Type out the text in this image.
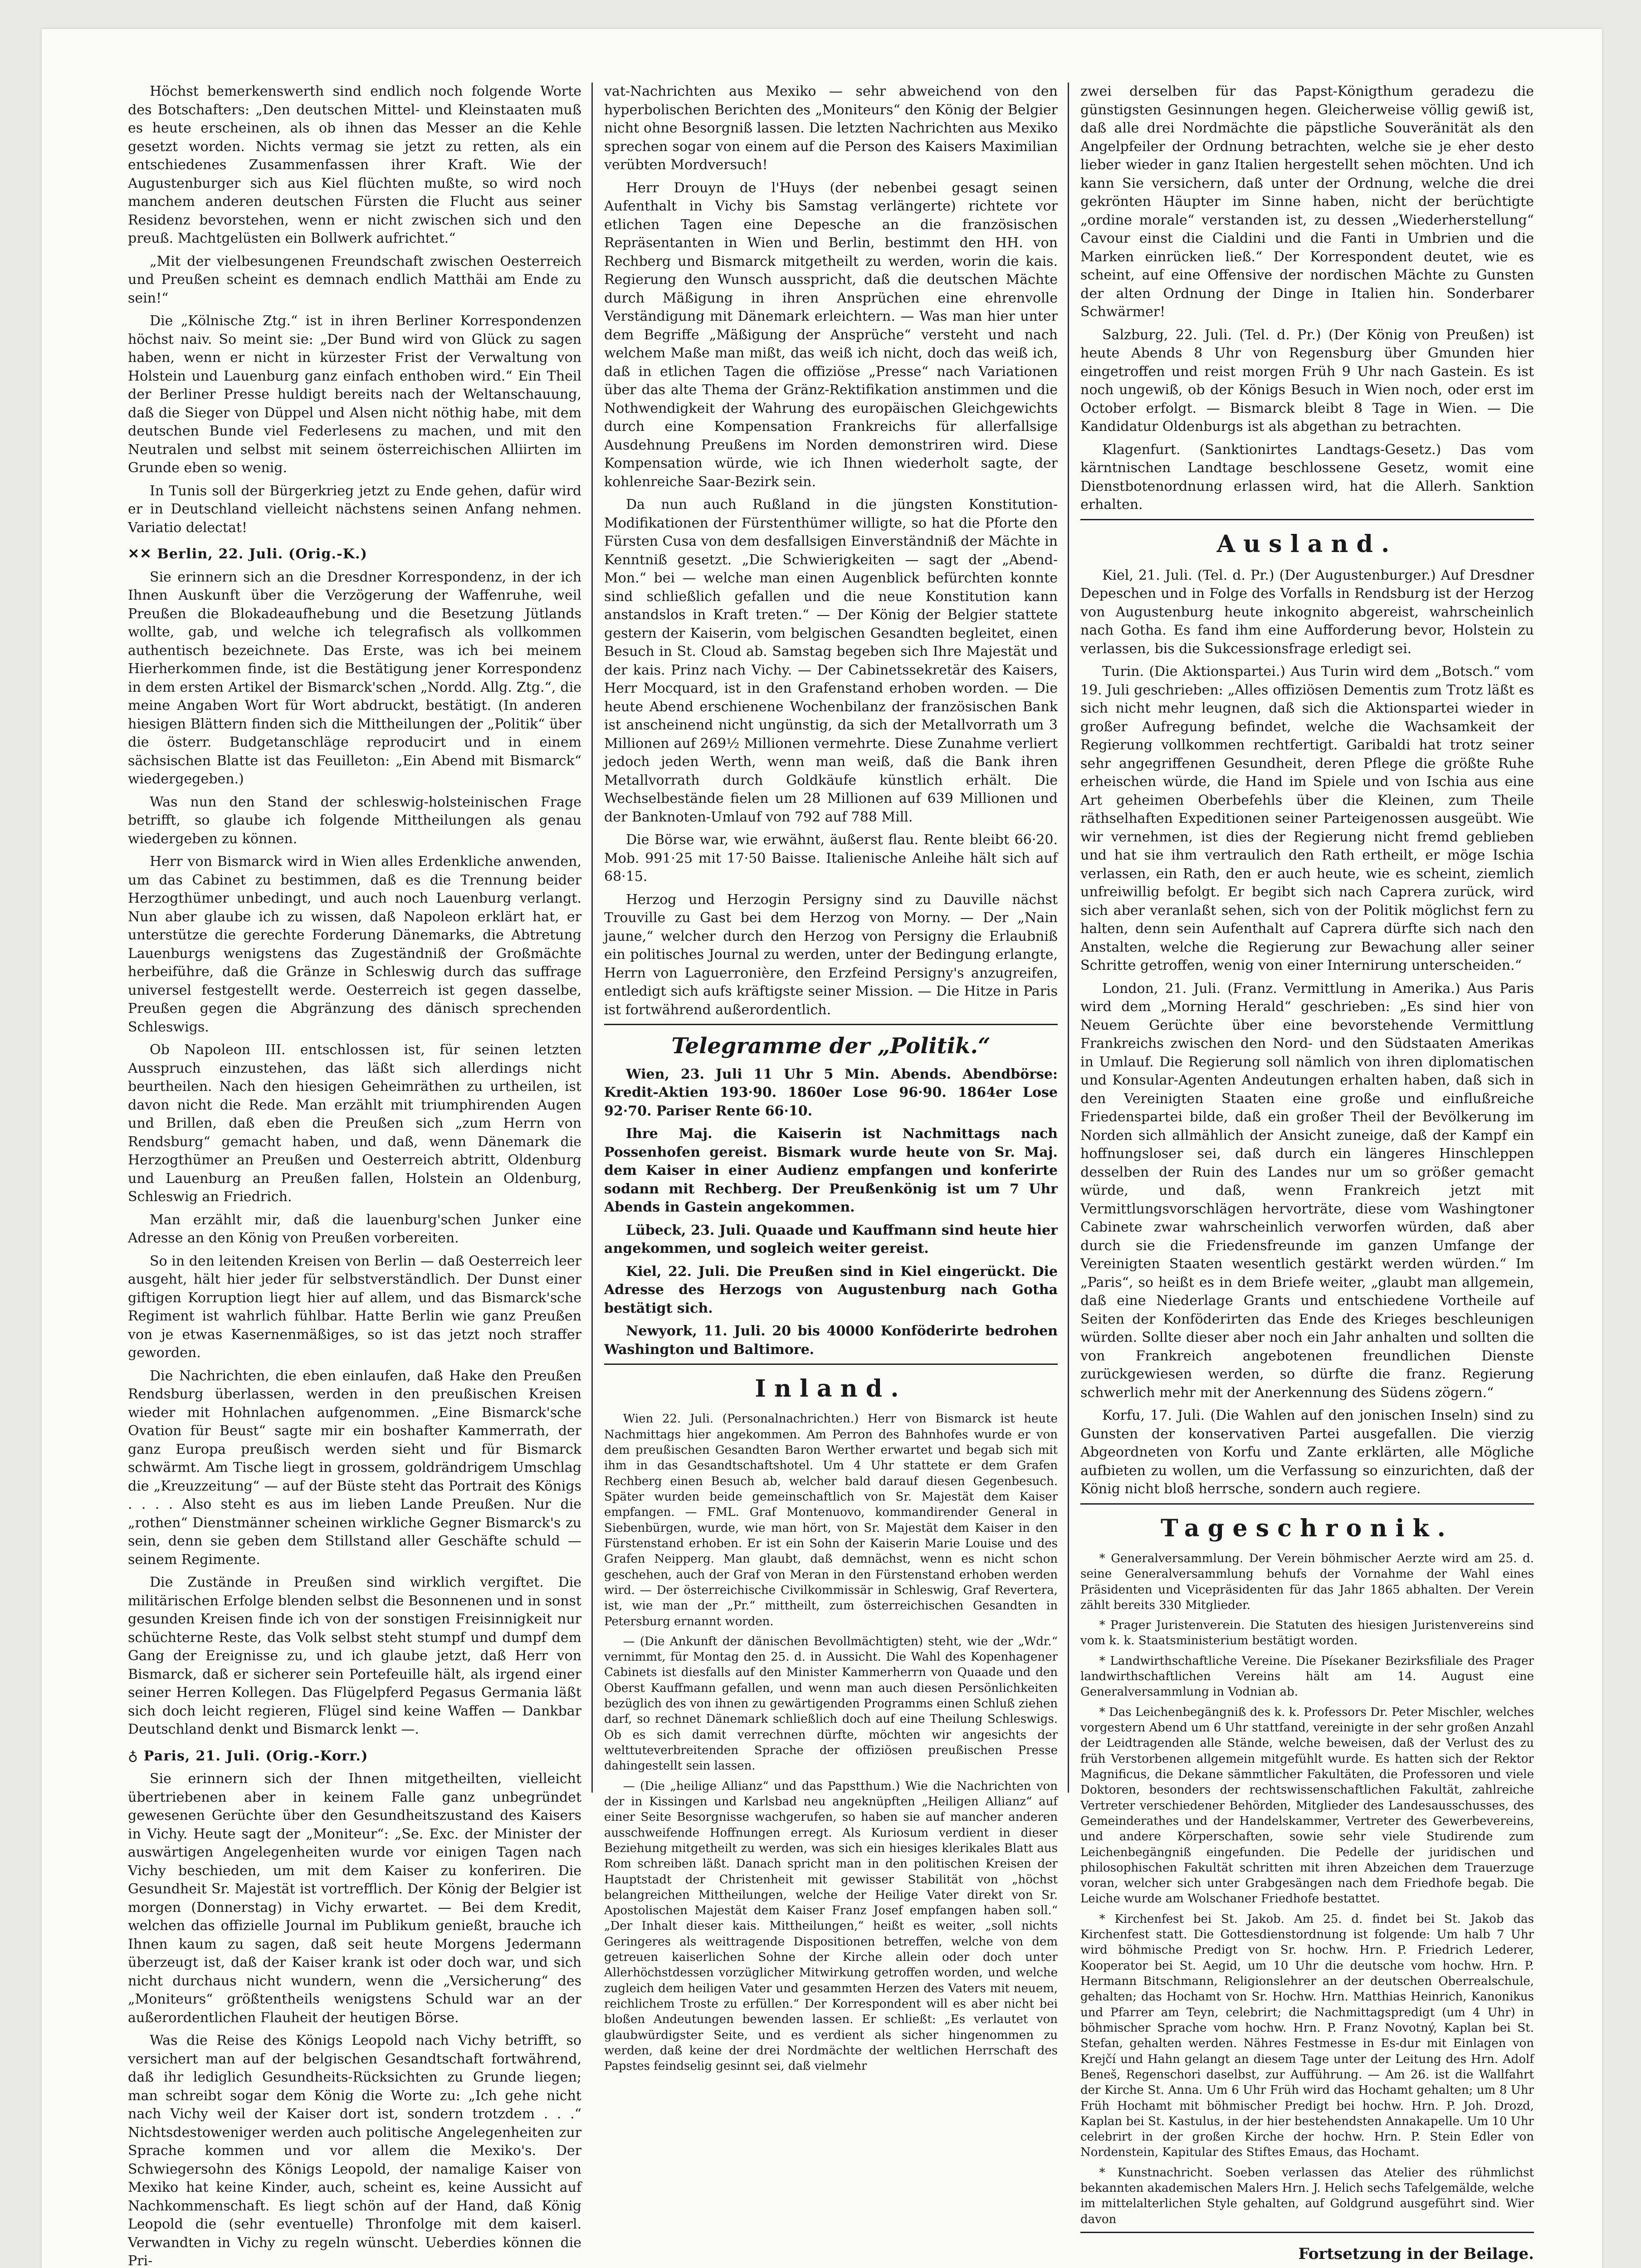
Höchst bemerkenswerth sind endlich noch folgende Worte des Botschafters: „Den deutschen Mittel- und Kleinstaaten muß es heute erscheinen, als ob ihnen das Messer an die Kehle gesetzt worden. Nichts vermag sie jetzt zu retten, als ein entschiedenes Zusammenfassen ihrer Kraft. Wie der Augustenburger sich aus Kiel flüchten mußte, so wird noch manchem anderen deutschen Fürsten die Flucht aus seiner Residenz bevorstehen, wenn er nicht zwischen sich und den preuß. Machtgelüsten ein Bollwerk aufrichtet.“

„Mit der vielbesungenen Freundschaft zwischen Oesterreich und Preußen scheint es demnach endlich Matthäi am Ende zu sein!“

Die „Kölnische Ztg.“ ist in ihren Berliner Korrespondenzen höchst naiv. So meint sie: „Der Bund wird von Glück zu sagen haben, wenn er nicht in kürzester Frist der Verwaltung von Holstein und Lauenburg ganz einfach enthoben wird.“ Ein Theil der Berliner Presse huldigt bereits nach der Weltanschauung, daß die Sieger von Düppel und Alsen nicht nöthig habe, mit dem deutschen Bunde viel Federlesens zu machen, und mit den Neutralen und selbst mit seinem österreichischen Alliirten im Grunde eben so wenig.

In Tunis soll der Bürgerkrieg jetzt zu Ende gehen, dafür wird er in Deutschland vielleicht nächstens seinen Anfang nehmen. Variatio delectat!

✕✕ Berlin, 22. Juli. (Orig.-K.)

Sie erinnern sich an die Dresdner Korrespondenz, in der ich Ihnen Auskunft über die Verzögerung der Waffenruhe, weil Preußen die Blokadeaufhebung und die Besetzung Jütlands wollte, gab, und welche ich telegrafisch als vollkommen authentisch bezeichnete. Das Erste, was ich bei meinem Hierherkommen finde, ist die Bestätigung jener Korrespondenz in dem ersten Artikel der Bismarck'schen „Nordd. Allg. Ztg.“, die meine Angaben Wort für Wort abdruckt, bestätigt. (In anderen hiesigen Blättern finden sich die Mittheilungen der „Politik“ über die österr. Budgetanschläge reproducirt und in einem sächsischen Blatte ist das Feuilleton: „Ein Abend mit Bismarck“ wiedergegeben.)

Was nun den Stand der schleswig-holsteinischen Frage betrifft, so glaube ich folgende Mittheilungen als genau wiedergeben zu können.

Herr von Bismarck wird in Wien alles Erdenkliche anwenden, um das Cabinet zu bestimmen, daß es die Trennung beider Herzogthümer unbedingt, und auch noch Lauenburg verlangt. Nun aber glaube ich zu wissen, daß Napoleon erklärt hat, er unterstütze die gerechte Forderung Dänemarks, die Abtretung Lauenburgs wenigstens das Zugeständniß der Großmächte herbeiführe, daß die Gränze in Schleswig durch das suffrage universel festgestellt werde. Oesterreich ist gegen dasselbe, Preußen gegen die Abgränzung des dänisch sprechenden Schleswigs.

Ob Napoleon III. entschlossen ist, für seinen letzten Ausspruch einzustehen, das läßt sich allerdings nicht beurtheilen. Nach den hiesigen Geheimräthen zu urtheilen, ist davon nicht die Rede. Man erzählt mit triumphirenden Augen und Brillen, daß eben die Preußen sich „zum Herrn von Rendsburg“ gemacht haben, und daß, wenn Dänemark die Herzogthümer an Preußen und Oesterreich abtritt, Oldenburg und Lauenburg an Preußen fallen, Holstein an Oldenburg, Schleswig an Friedrich.

Man erzählt mir, daß die lauenburg'schen Junker eine Adresse an den König von Preußen vorbereiten.

So in den leitenden Kreisen von Berlin — daß Oesterreich leer ausgeht, hält hier jeder für selbstverständlich. Der Dunst einer giftigen Korruption liegt hier auf allem, und das Bismarck'sche Regiment ist wahrlich fühlbar. Hatte Berlin wie ganz Preußen von je etwas Kasernenmäßiges, so ist das jetzt noch straffer geworden.

Die Nachrichten, die eben einlaufen, daß Hake den Preußen Rendsburg überlassen, werden in den preußischen Kreisen wieder mit Hohnlachen aufgenommen. „Eine Bismarck'sche Ovation für Beust“ sagte mir ein boshafter Kammerrath, der ganz Europa preußisch werden sieht und für Bismarck schwärmt. Am Tische liegt in grossem, goldrändrigem Umschlag die „Kreuzzeitung“ — auf der Büste steht das Portrait des Königs . . . . Also steht es aus im lieben Lande Preußen. Nur die „rothen“ Dienstmänner scheinen wirkliche Gegner Bismarck's zu sein, denn sie geben dem Stillstand aller Geschäfte schuld — seinem Regimente.

Die Zustände in Preußen sind wirklich vergiftet. Die militärischen Erfolge blenden selbst die Besonnenen und in sonst gesunden Kreisen finde ich von der sonstigen Freisinnigkeit nur schüchterne Reste, das Volk selbst steht stumpf und dumpf dem Gang der Ereignisse zu, und ich glaube jetzt, daß Herr von Bismarck, daß er sicherer sein Portefeuille hält, als irgend einer seiner Herren Kollegen. Das Flügelpferd Pegasus Germania läßt sich doch leicht regieren, Flügel sind keine Waffen — Dankbar Deutschland denkt und Bismarck lenkt —.

♁ Paris, 21. Juli. (Orig.-Korr.)

Sie erinnern sich der Ihnen mitgetheilten, vielleicht übertriebenen aber in keinem Falle ganz unbegründet gewesenen Gerüchte über den Gesundheitszustand des Kaisers in Vichy. Heute sagt der „Moniteur“: „Se. Exc. der Minister der auswärtigen Angelegenheiten wurde vor einigen Tagen nach Vichy beschieden, um mit dem Kaiser zu konferiren. Die Gesundheit Sr. Majestät ist vortrefflich. Der König der Belgier ist morgen (Donnerstag) in Vichy erwartet. — Bei dem Kredit, welchen das offizielle Journal im Publikum genießt, brauche ich Ihnen kaum zu sagen, daß seit heute Morgens Jedermann überzeugt ist, daß der Kaiser krank ist oder doch war, und sich nicht durchaus nicht wundern, wenn die „Versicherung“ des „Moniteurs“ größtentheils wenigstens Schuld war an der außerordentlichen Flauheit der heutigen Börse.

Was die Reise des Königs Leopold nach Vichy betrifft, so versichert man auf der belgischen Gesandtschaft fortwährend, daß ihr lediglich Gesundheits-Rücksichten zu Grunde liegen; man schreibt sogar dem König die Worte zu: „Ich gehe nicht nach Vichy weil der Kaiser dort ist, sondern trotzdem . . .“ Nichtsdestoweniger werden auch politische Angelegenheiten zur Sprache kommen und vor allem die Mexiko's. Der Schwiegersohn des Königs Leopold, der namalige Kaiser von Mexiko hat keine Kinder, auch, scheint es, keine Aussicht auf Nachkommenschaft. Es liegt schön auf der Hand, daß König Leopold die (sehr eventuelle) Thronfolge mit dem kaiserl. Verwandten in Vichy zu regeln wünscht. Ueberdies können die Pri-

vat-Nachrichten aus Mexiko — sehr abweichend von den hyperbolischen Berichten des „Moniteurs“ den König der Belgier nicht ohne Besorgniß lassen. Die letzten Nachrichten aus Mexiko sprechen sogar von einem auf die Person des Kaisers Maximilian verübten Mordversuch!

Herr Drouyn de l'Huys (der nebenbei gesagt seinen Aufenthalt in Vichy bis Samstag verlängerte) richtete vor etlichen Tagen eine Depesche an die französischen Repräsentanten in Wien und Berlin, bestimmt den HH. von Rechberg und Bismarck mitgetheilt zu werden, worin die kais. Regierung den Wunsch ausspricht, daß die deutschen Mächte durch Mäßigung in ihren Ansprüchen eine ehrenvolle Verständigung mit Dänemark erleichtern. — Was man hier unter dem Begriffe „Mäßigung der Ansprüche“ versteht und nach welchem Maße man mißt, das weiß ich nicht, doch das weiß ich, daß in etlichen Tagen die offiziöse „Presse“ nach Variationen über das alte Thema der Gränz-Rektifikation anstimmen und die Nothwendigkeit der Wahrung des europäischen Gleichgewichts durch eine Kompensation Frankreichs für allerfallsige Ausdehnung Preußens im Norden demonstriren wird. Diese Kompensation würde, wie ich Ihnen wiederholt sagte, der kohlenreiche Saar-Bezirk sein.

Da nun auch Rußland in die jüngsten Konstitution-Modifikationen der Fürstenthümer willigte, so hat die Pforte den Fürsten Cusa von dem desfallsigen Einverständniß der Mächte in Kenntniß gesetzt. „Die Schwierigkeiten — sagt der „Abend-Mon.“ bei — welche man einen Augenblick befürchten konnte sind schließlich gefallen und die neue Konstitution kann anstandslos in Kraft treten.“ — Der König der Belgier stattete gestern der Kaiserin, vom belgischen Gesandten begleitet, einen Besuch in St. Cloud ab. Samstag begeben sich Ihre Majestät und der kais. Prinz nach Vichy. — Der Cabinetssekretär des Kaisers, Herr Mocquard, ist in den Grafenstand erhoben worden. — Die heute Abend erschienene Wochenbilanz der französischen Bank ist anscheinend nicht ungünstig, da sich der Metallvorrath um 3 Millionen auf 269½ Millionen vermehrte. Diese Zunahme verliert jedoch jeden Werth, wenn man weiß, daß die Bank ihren Metallvorrath durch Goldkäufe künstlich erhält. Die Wechselbestände fielen um 28 Millionen auf 639 Millionen und der Banknoten-Umlauf von 792 auf 788 Mill.

Die Börse war, wie erwähnt, äußerst flau. Rente bleibt 66·20. Mob. 991·25 mit 17·50 Baisse. Italienische Anleihe hält sich auf 68·15.

Herzog und Herzogin Persigny sind zu Dauville nächst Trouville zu Gast bei dem Herzog von Morny. — Der „Nain jaune,“ welcher durch den Herzog von Persigny die Erlaubniß ein politisches Journal zu werden, unter der Bedingung erlangte, Herrn von Laguerronière, den Erzfeind Persigny's anzugreifen, entledigt sich aufs kräftigste seiner Mission. — Die Hitze in Paris ist fortwährend außerordentlich.

Telegramme der „Politik.“

Wien, 23. Juli 11 Uhr 5 Min. Abends. Abendbörse: Kredit-Aktien 193·90. 1860er Lose 96·90. 1864er Lose 92·70. Pariser Rente 66·10.

Ihre Maj. die Kaiserin ist Nachmittags nach Possenhofen gereist. Bismark wurde heute von Sr. Maj. dem Kaiser in einer Audienz empfangen und konferirte sodann mit Rechberg. Der Preußenkönig ist um 7 Uhr Abends in Gastein angekommen.

Lübeck, 23. Juli. Quaade und Kauffmann sind heute hier angekommen, und sogleich weiter gereist.

Kiel, 22. Juli. Die Preußen sind in Kiel eingerückt. Die Adresse des Herzogs von Augustenburg nach Gotha bestätigt sich.

Newyork, 11. Juli. 20 bis 40000 Konföderirte bedrohen Washington und Baltimore.

Inland.

Wien 22. Juli. (Personalnachrichten.) Herr von Bismarck ist heute Nachmittags hier angekommen. Am Perron des Bahnhofes wurde er von dem preußischen Gesandten Baron Werther erwartet und begab sich mit ihm in das Gesandtschaftshotel. Um 4 Uhr stattete er dem Grafen Rechberg einen Besuch ab, welcher bald darauf diesen Gegenbesuch. Später wurden beide gemeinschaftlich von Sr. Majestät dem Kaiser empfangen. — FML. Graf Montenuovo, kommandirender General in Siebenbürgen, wurde, wie man hört, von Sr. Majestät dem Kaiser in den Fürstenstand erhoben. Er ist ein Sohn der Kaiserin Marie Louise und des Grafen Neipperg. Man glaubt, daß demnächst, wenn es nicht schon geschehen, auch der Graf von Meran in den Fürstenstand erhoben werden wird. — Der österreichische Civilkommissär in Schleswig, Graf Revertera, ist, wie man der „Pr.“ mittheilt, zum österreichischen Gesandten in Petersburg ernannt worden.

— (Die Ankunft der dänischen Bevollmächtigten) steht, wie der „Wdr.“ vernimmt, für Montag den 25. d. in Aussicht. Die Wahl des Kopenhagener Cabinets ist diesfalls auf den Minister Kammerherrn von Quaade und den Oberst Kauffmann gefallen, und wenn man auch diesen Persönlichkeiten bezüglich des von ihnen zu gewärtigenden Programms einen Schluß ziehen darf, so rechnet Dänemark schließlich doch auf eine Theilung Schleswigs. Ob es sich damit verrechnen dürfte, möchten wir angesichts der welttuteverbreitenden Sprache der offiziösen preußischen Presse dahingestellt sein lassen.

— (Die „heilige Allianz“ und das Papstthum.) Wie die Nachrichten von der in Kissingen und Karlsbad neu angeknüpften „Heiligen Allianz“ auf einer Seite Besorgnisse wachgerufen, so haben sie auf mancher anderen ausschweifende Hoffnungen erregt. Als Kuriosum verdient in dieser Beziehung mitgetheilt zu werden, was sich ein hiesiges klerikales Blatt aus Rom schreiben läßt. Danach spricht man in den politischen Kreisen der Hauptstadt der Christenheit mit gewisser Stabilität von „höchst belangreichen Mittheilungen, welche der Heilige Vater direkt von Sr. Apostolischen Majestät dem Kaiser Franz Josef empfangen haben soll.“ „Der Inhalt dieser kais. Mittheilungen,“ heißt es weiter, „soll nichts Geringeres als weittragende Dispositionen betreffen, welche von dem getreuen kaiserlichen Sohne der Kirche allein oder doch unter Allerhöchstdessen vorzüglicher Mitwirkung getroffen worden, und welche zugleich dem heiligen Vater und gesammten Herzen des Vaters mit neuem, reichlichem Troste zu erfüllen.“ Der Korrespondent will es aber nicht bei bloßen Andeutungen bewenden lassen. Er schließt: „Es verlautet von glaubwürdigster Seite, und es verdient als sicher hingenommen zu werden, daß keine der drei Nordmächte der weltlichen Herrschaft des Papstes feindselig gesinnt sei, daß vielmehr

zwei derselben für das Papst-Königthum geradezu die günstigsten Gesinnungen hegen. Gleicherweise völlig gewiß ist, daß alle drei Nordmächte die päpstliche Souveränität als den Angelpfeiler der Ordnung betrachten, welche sie je eher desto lieber wieder in ganz Italien hergestellt sehen möchten. Und ich kann Sie versichern, daß unter der Ordnung, welche die drei gekrönten Häupter im Sinne haben, nicht der berüchtigte „ordine morale“ verstanden ist, zu dessen „Wiederherstellung“ Cavour einst die Cialdini und die Fanti in Umbrien und die Marken einrücken ließ.“ Der Korrespondent deutet, wie es scheint, auf eine Offensive der nordischen Mächte zu Gunsten der alten Ordnung der Dinge in Italien hin. Sonderbarer Schwärmer!

Salzburg, 22. Juli. (Tel. d. Pr.) (Der König von Preußen) ist heute Abends 8 Uhr von Regensburg über Gmunden hier eingetroffen und reist morgen Früh 9 Uhr nach Gastein. Es ist noch ungewiß, ob der Königs Besuch in Wien noch, oder erst im October erfolgt. — Bismarck bleibt 8 Tage in Wien. — Die Kandidatur Oldenburgs ist als abgethan zu betrachten.

Klagenfurt. (Sanktionirtes Landtags-Gesetz.) Das vom kärntnischen Landtage beschlossene Gesetz, womit eine Dienstbotenordnung erlassen wird, hat die Allerh. Sanktion erhalten.

Ausland.

Kiel, 21. Juli. (Tel. d. Pr.) (Der Augustenburger.) Auf Dresdner Depeschen und in Folge des Vorfalls in Rendsburg ist der Herzog von Augustenburg heute inkognito abgereist, wahrscheinlich nach Gotha. Es fand ihm eine Aufforderung bevor, Holstein zu verlassen, bis die Sukcessionsfrage erledigt sei.

Turin. (Die Aktionspartei.) Aus Turin wird dem „Botsch.“ vom 19. Juli geschrieben: „Alles offiziösen Dementis zum Trotz läßt es sich nicht mehr leugnen, daß sich die Aktionspartei wieder in großer Aufregung befindet, welche die Wachsamkeit der Regierung vollkommen rechtfertigt. Garibaldi hat trotz seiner sehr angegriffenen Gesundheit, deren Pflege die größte Ruhe erheischen würde, die Hand im Spiele und von Ischia aus eine Art geheimen Oberbefehls über die Kleinen, zum Theile räthselhaften Expeditionen seiner Parteigenossen ausgeübt. Wie wir vernehmen, ist dies der Regierung nicht fremd geblieben und hat sie ihm vertraulich den Rath ertheilt, er möge Ischia verlassen, ein Rath, den er auch heute, wie es scheint, ziemlich unfreiwillig befolgt. Er begibt sich nach Caprera zurück, wird sich aber veranlaßt sehen, sich von der Politik möglichst fern zu halten, denn sein Aufenthalt auf Caprera dürfte sich nach den Anstalten, welche die Regierung zur Bewachung aller seiner Schritte getroffen, wenig von einer Internirung unterscheiden.“

London, 21. Juli. (Franz. Vermittlung in Amerika.) Aus Paris wird dem „Morning Herald“ geschrieben: „Es sind hier von Neuem Gerüchte über eine bevorstehende Vermittlung Frankreichs zwischen den Nord- und den Südstaaten Amerikas in Umlauf. Die Regierung soll nämlich von ihren diplomatischen und Konsular-Agenten Andeutungen erhalten haben, daß sich in den Vereinigten Staaten eine große und einflußreiche Friedenspartei bilde, daß ein großer Theil der Bevölkerung im Norden sich allmählich der Ansicht zuneige, daß der Kampf ein hoffnungsloser sei, daß durch ein längeres Hinschleppen desselben der Ruin des Landes nur um so größer gemacht würde, und daß, wenn Frankreich jetzt mit Vermittlungsvorschlägen hervorträte, diese vom Washingtoner Cabinete zwar wahrscheinlich verworfen würden, daß aber durch sie die Friedensfreunde im ganzen Umfange der Vereinigten Staaten wesentlich gestärkt werden würden.“ Im „Paris“, so heißt es in dem Briefe weiter, „glaubt man allgemein, daß eine Niederlage Grants und entschiedene Vortheile auf Seiten der Konföderirten das Ende des Krieges beschleunigen würden. Sollte dieser aber noch ein Jahr anhalten und sollten die von Frankreich angebotenen freundlichen Dienste zurückgewiesen werden, so dürfte die franz. Regierung schwerlich mehr mit der Anerkennung des Südens zögern.“

Korfu, 17. Juli. (Die Wahlen auf den jonischen Inseln) sind zu Gunsten der konservativen Partei ausgefallen. Die vierzig Abgeordneten von Korfu und Zante erklärten, alle Mögliche aufbieten zu wollen, um die Verfassung so einzurichten, daß der König nicht bloß herrsche, sondern auch regiere.

Tageschronik.

* Generalversammlung. Der Verein böhmischer Aerzte wird am 25. d. seine Generalversammlung behufs der Vornahme der Wahl eines Präsidenten und Vicepräsidenten für das Jahr 1865 abhalten. Der Verein zählt bereits 330 Mitglieder.

* Prager Juristenverein. Die Statuten des hiesigen Juristenvereins sind vom k. k. Staatsministerium bestätigt worden.

* Landwirthschaftliche Vereine. Die Písekaner Bezirksfiliale des Prager landwirthschaftlichen Vereins hält am 14. August eine Generalversammlung in Vodnian ab.

* Das Leichenbegängniß des k. k. Professors Dr. Peter Mischler, welches vorgestern Abend um 6 Uhr stattfand, vereinigte in der sehr großen Anzahl der Leidtragenden alle Stände, welche beweisen, daß der Verlust des zu früh Verstorbenen allgemein mitgefühlt wurde. Es hatten sich der Rektor Magnificus, die Dekane sämmtlicher Fakultäten, die Professoren und viele Doktoren, besonders der rechtswissenschaftlichen Fakultät, zahlreiche Vertreter verschiedener Behörden, Mitglieder des Landesausschusses, des Gemeinderathes und der Handelskammer, Vertreter des Gewerbevereins, und andere Körperschaften, sowie sehr viele Studirende zum Leichenbegängniß eingefunden. Die Pedelle der juridischen und philosophischen Fakultät schritten mit ihren Abzeichen dem Trauerzuge voran, welcher sich unter Grabgesängen nach dem Friedhofe begab. Die Leiche wurde am Wolschaner Friedhofe bestattet.

* Kirchenfest bei St. Jakob. Am 25. d. findet bei St. Jakob das Kirchenfest statt. Die Gottesdienstordnung ist folgende: Um halb 7 Uhr wird böhmische Predigt von Sr. hochw. Hrn. P. Friedrich Lederer, Kooperator bei St. Aegid, um 10 Uhr die deutsche vom hochw. Hrn. P. Hermann Bitschmann, Religionslehrer an der deutschen Oberrealschule, gehalten; das Hochamt von Sr. Hochw. Hrn. Matthias Heinrich, Kanonikus und Pfarrer am Teyn, celebrirt; die Nachmittagspredigt (um 4 Uhr) in böhmischer Sprache vom hochw. Hrn. P. Franz Novotný, Kaplan bei St. Stefan, gehalten werden. Nähres Festmesse in Es-dur mit Einlagen von Krejčí und Hahn gelangt an diesem Tage unter der Leitung des Hrn. Adolf Beneš, Regenschori daselbst, zur Aufführung. — Am 26. ist die Wallfahrt der Kirche St. Anna. Um 6 Uhr Früh wird das Hochamt gehalten; um 8 Uhr Früh Hochamt mit böhmischer Predigt bei hochw. Hrn. P. Joh. Drozd, Kaplan bei St. Kastulus, in der hier bestehendsten Annakapelle. Um 10 Uhr celebrirt in der großen Kirche der hochw. Hrn. P. Stein Edler von Nordenstein, Kapitular des Stiftes Emaus, das Hochamt.

* Kunstnachricht. Soeben verlassen das Atelier des rühmlichst bekannten akademischen Malers Hrn. J. Helich sechs Tafelgemälde, welche im mittelalterlichen Style gehalten, auf Goldgrund ausgeführt sind. Wier davon

Fortsetzung in der Beilage.
